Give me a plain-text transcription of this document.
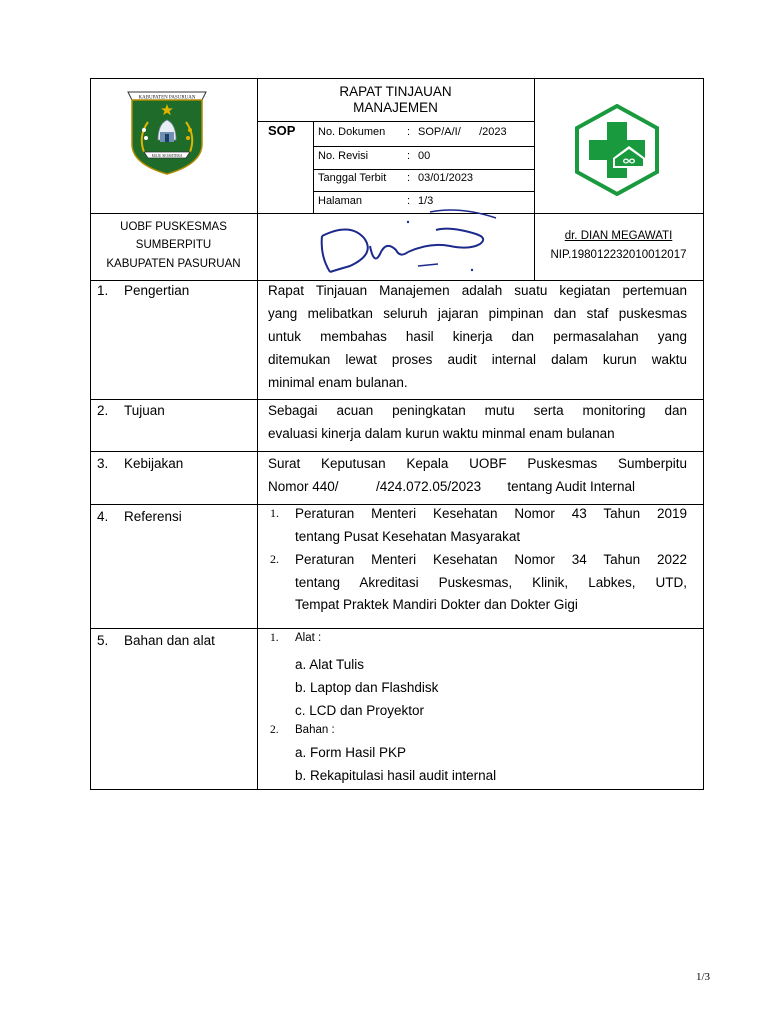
KABUPATEN PASURUAN
MAJU SEJAHTERA
RAPAT TINJAUAN
MANAJEMEN
SOP No. Dokumen : SOP/A/I/      /2023
No. Revisi	: 00
Tanggal Terbit : 03/01/2023
Halaman	: 1/3
UOBF PUSKESMAS
SUMBERPITU
KABUPATEN PASURUAN
dr. DIAN MEGAWATI
NIP.198012232010012017
1. Pengertian	Rapat Tinjauan Manajemen adalah suatu kegiatan pertemuan
yang melibatkan seluruh jajaran pimpinan dan staf puskesmas
untuk membahas hasil kinerja dan permasalahan yang
ditemukan lewat proses audit internal dalam kurun waktu
minimal enam bulanan.
2. Tujuan	Sebagai acuan peningkatan mutu serta monitoring dan
evaluasi kinerja dalam kurun waktu minmal enam bulanan
3. Kebijakan	Surat Keputusan Kepala UOBF Puskesmas Sumberpitu
Nomor 440/          /424.072.05/2023       tentang Audit Internal
4. Referensi	1. Peraturan Menteri Kesehatan Nomor 43 Tahun 2019
tentang Pusat Kesehatan Masyarakat
2. Peraturan Menteri Kesehatan Nomor 34 Tahun 2022
tentang Akreditasi Puskesmas, Klinik, Labkes, UTD,
Tempat Praktek Mandiri Dokter dan Dokter Gigi
5. Bahan dan alat	1. Alat :
a. Alat Tulis
b. Laptop dan Flashdisk
c. LCD dan Proyektor
2. Bahan :
a. Form Hasil PKP
b. Rekapitulasi hasil audit internal
1/3
